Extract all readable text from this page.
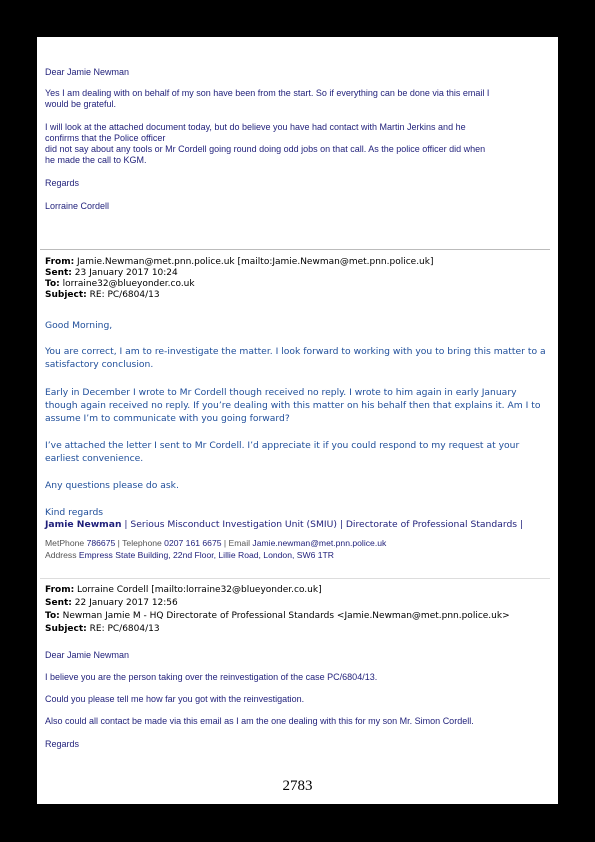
Dear Jamie Newman
Yes I am dealing with on behalf of my son have been from the start. So if everything can be done via this email I
would be grateful.
I will look at the attached document today, but do believe you have had contact with Martin Jerkins and he
confirms that the Police officer
did not say about any tools or Mr Cordell going round doing odd jobs on that call. As the police officer did when
he made the call to KGM.
Regards
Lorraine Cordell
From: Jamie.Newman@met.pnn.police.uk [mailto:Jamie.Newman@met.pnn.police.uk]
Sent: 23 January 2017 10:24
To: lorraine32@blueyonder.co.uk
Subject: RE: PC/6804/13
Good Morning,
You are correct, I am to re-investigate the matter. I look forward to working with you to bring this matter to a
satisfactory conclusion.
Early in December I wrote to Mr Cordell though received no reply. I wrote to him again in early January
though again received no reply. If you’re dealing with this matter on his behalf then that explains it. Am I to
assume I’m to communicate with you going forward?
I’ve attached the letter I sent to Mr Cordell. I’d appreciate it if you could respond to my request at your
earliest convenience.
Any questions please do ask.
Kind regards
Jamie Newman | Serious Misconduct Investigation Unit (SMIU) | Directorate of Professional Standards |
MetPhone 786675 | Telephone 0207 161 6675 | Email Jamie.newman@met.pnn.police.uk
Address Empress State Building, 22nd Floor, Lillie Road, London, SW6 1TR
From: Lorraine Cordell [mailto:lorraine32@blueyonder.co.uk]
Sent: 22 January 2017 12:56
To: Newman Jamie M - HQ Directorate of Professional Standards <Jamie.Newman@met.pnn.police.uk>
Subject: RE: PC/6804/13
Dear Jamie Newman
I believe you are the person taking over the reinvestigation of the case PC/6804/13.
Could you please tell me how far you got with the reinvestigation.
Also could all contact be made via this email as I am the one dealing with this for my son Mr. Simon Cordell.
Regards
2783
